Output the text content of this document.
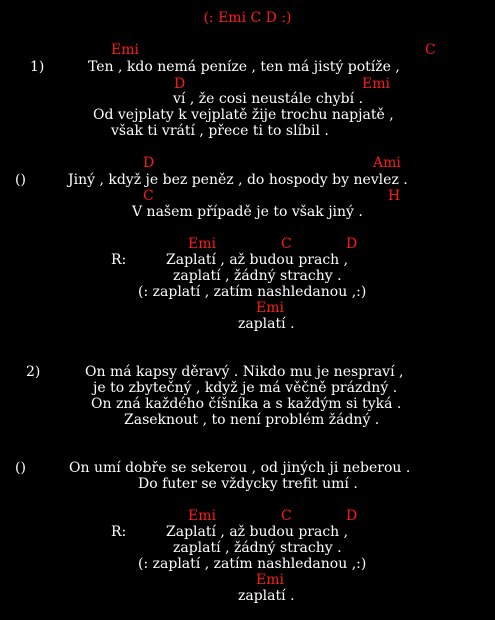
(: Emi C D :)
Emi	C
1)	Ten , kdo nemá peníze , ten má jistý potíže ,
D	Emi
ví , že cosi neustále chybí .
Od vejplaty k vejplatě žije trochu napjatě ,
však ti vrátí , přece ti to slíbil .
D	Ami
()	Jiný , když je bez peněz , do hospody by nevlez .
C	H
V našem případě je to však jiný .
Emi	C	D
R:	Zaplatí , až budou prach ,
zaplatí , žádný strachy .
(: zaplatí , zatím nashledanou ,:)
Emi
zaplatí .
2)	On má kapsy děravý . Nikdo mu je nespraví ,
je to zbytečný , když je má věčně prázdný .
On zná každého číšníka a s každým si tyká .
Zaseknout , to není problém žádný .
()	On umí dobře se sekerou , od jiných ji neberou .
Do futer se vždycky trefit umí .
Emi	C	D
R:	Zaplatí , až budou prach ,
zaplatí , žádný strachy .
(: zaplatí , zatím nashledanou ,:)
Emi
zaplatí .
